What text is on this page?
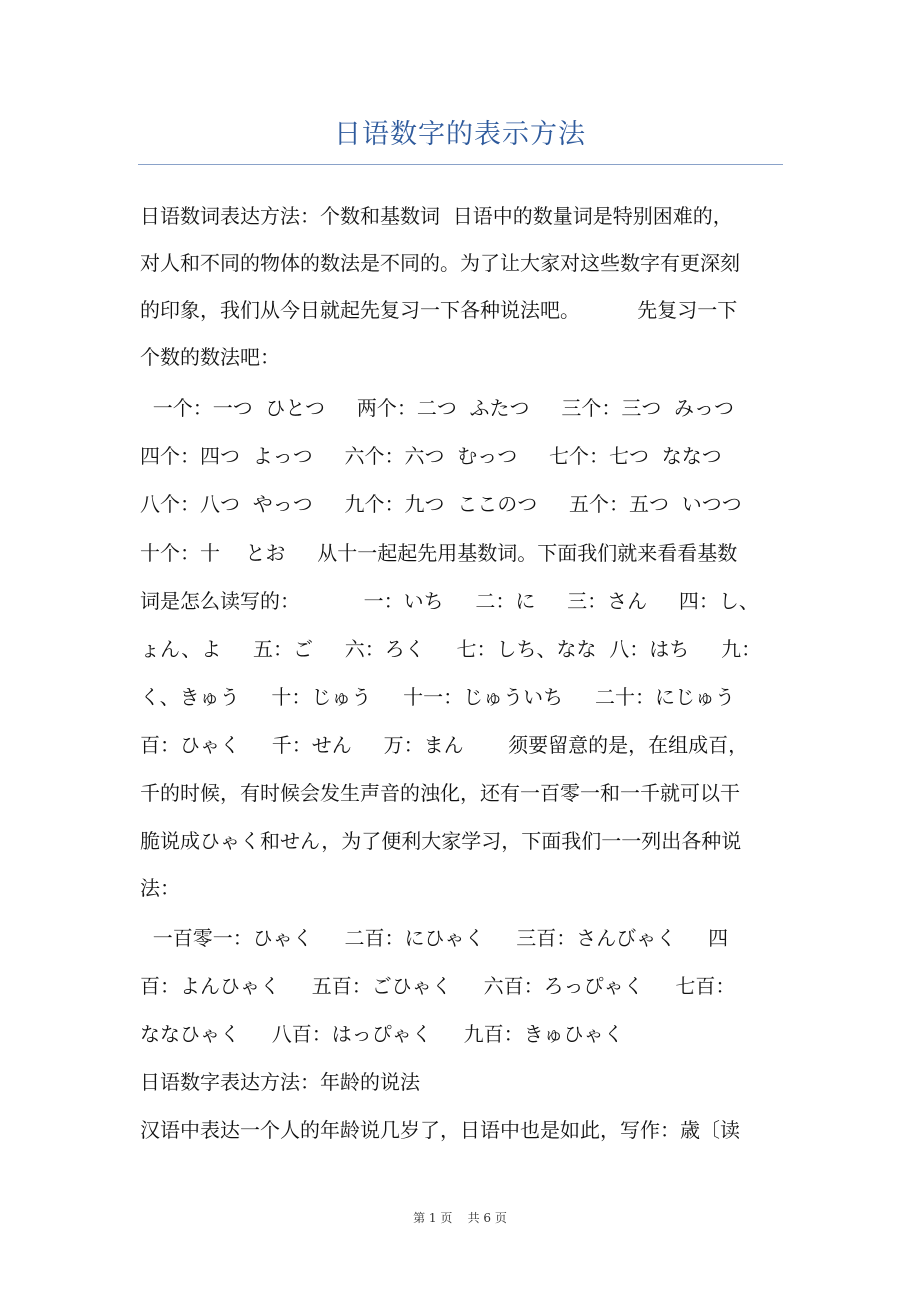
日语数字的表示方法
日语数词表达方法：个数和基数词  日语中的数量词是特别困难的，
对人和不同的物体的数法是不同的。为了让大家对这些数字有更深刻
的印象，我们从今日就起先复习一下各种说法吧。         先复习一下
个数的数法吧：
一个：一つ  ひとつ     两个：二つ  ふたつ     三个：三つ  みっつ
四个：四つ  よっつ     六个：六つ  むっつ     七个：七つ  ななつ
八个：八つ  やっつ     九个：九つ  ここのつ     五个：五つ  いつつ
十个：十    とお     从十一起起先用基数词。下面我们就来看看基数
词是怎么读写的：          一：いち     二：に     三：さん     四：し、
ょん、よ     五：ご     六：ろく     七：しち、なな  八：はち     九：
く、きゅう     十：じゅう     十一：じゅういち     二十：にじゅう
百：ひゃく     千：せん     万：まん       须要留意的是，在组成百，
千的时候，有时候会发生声音的浊化，还有一百零一和一千就可以干
脆说成ひゃく和せん，为了便利大家学习，下面我们一一列出各种说
法：
一百零一：ひゃく     二百：にひゃく     三百：さんびゃく     四
百：よんひゃく     五百：ごひゃく     六百：ろっぴゃく     七百：
ななひゃく     八百：はっぴゃく     九百：きゅひゃく
日语数字表达方法：年龄的说法
汉语中表达一个人的年龄说几岁了，日语中也是如此，写作：歳〔读
第 1 页    共 6 页
